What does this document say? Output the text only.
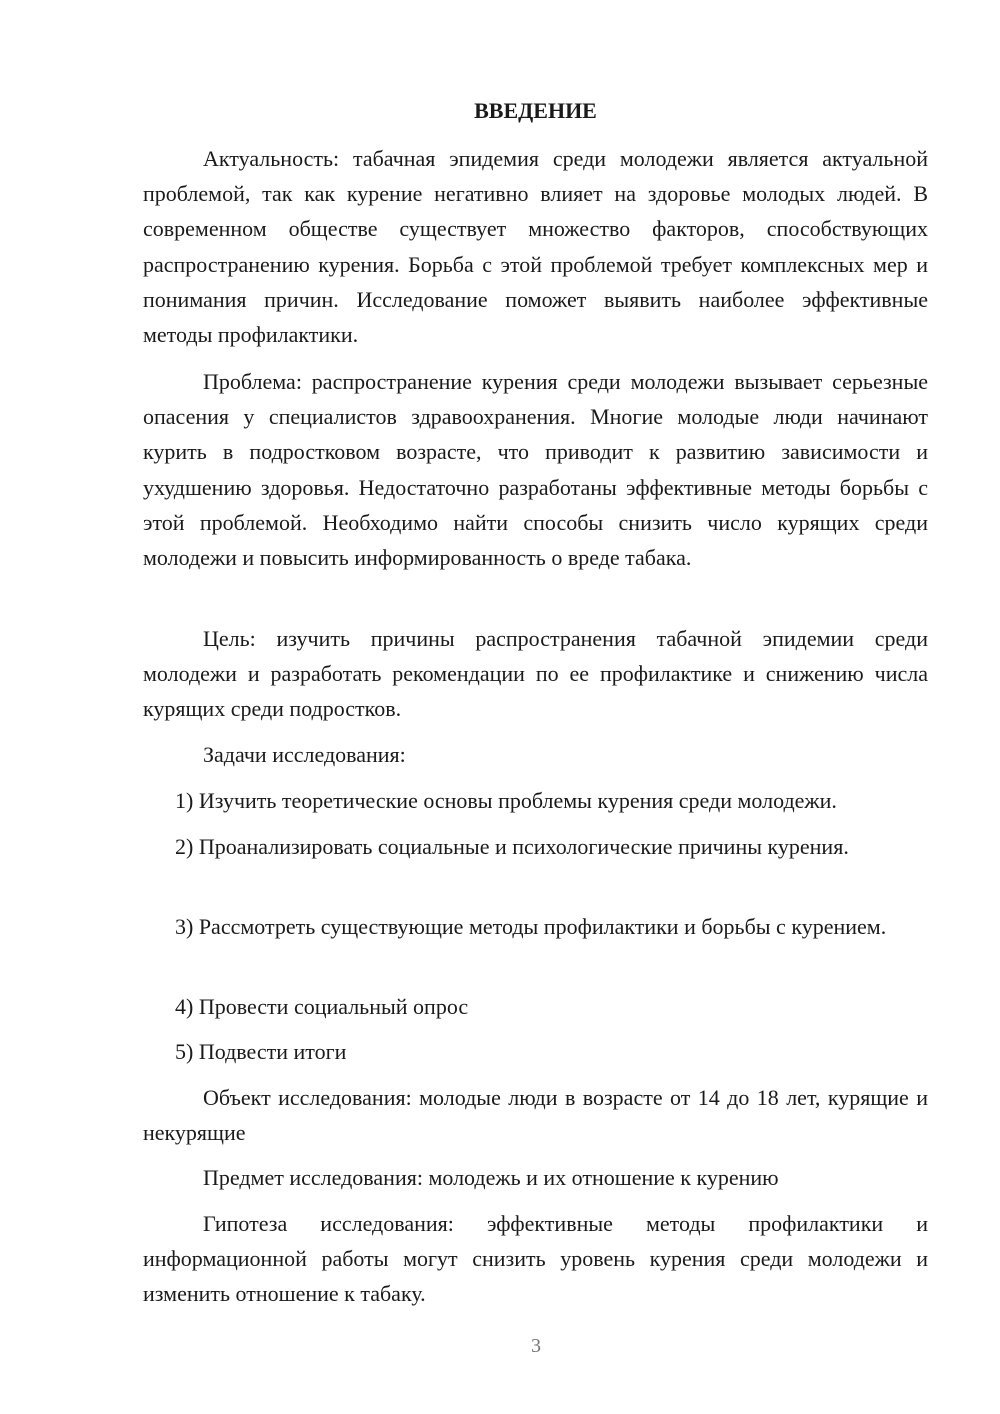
ВВЕДЕНИЕ

Актуальность: табачная эпидемия среди молодежи является актуальной проблемой, так как курение негативно влияет на здоровье молодых людей. В современном обществе существует множество факторов, способствующих распространению курения. Борьба с этой проблемой требует комплексных мер и понимания причин. Исследование поможет выявить наиболее эффективные методы профилактики.

Проблема: распространение курения среди молодежи вызывает серьезные опасения у специалистов здравоохранения. Многие молодые люди начинают курить в подростковом возрасте, что приводит к развитию зависимости и ухудшению здоровья. Недостаточно разработаны эффективные методы борьбы с этой проблемой. Необходимо найти способы снизить число курящих среди молодежи и повысить информированность о вреде табака.

Цель: изучить причины распространения табачной эпидемии среди молодежи и разработать рекомендации по ее профилактике и снижению числа курящих среди подростков.

Задачи исследования:

1) Изучить теоретические основы проблемы курения среди молодежи.

2) Проанализировать социальные и психологические причины курения.

3) Рассмотреть существующие методы профилактики и борьбы с курением.

4) Провести социальный опрос

5) Подвести итоги

Объект исследования: молодые люди в возрасте от 14 до 18 лет, курящие и некурящие

Предмет исследования: молодежь и их отношение к курению

Гипотеза исследования: эффективные методы профилактики и информационной работы могут снизить уровень курения среди молодежи и изменить отношение к табаку.

3
